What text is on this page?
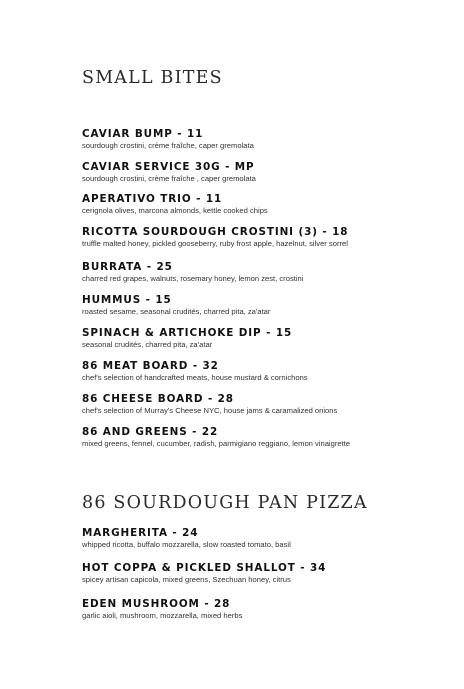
SMALL BITES
CAVIAR BUMP - 11
sourdough crostini, crème fraîche, caper gremolata
CAVIAR SERVICE 30G - MP
sourdough crostini, crème fraîche , caper gremolata
APERATIVO TRIO - 11
cerignola olives, marcona almonds, kettle cooked chips
RICOTTA SOURDOUGH CROSTINI (3) - 18
truffle malted honey, pickled gooseberry, ruby frost apple, hazelnut, silver sorrel
BURRATA - 25
charred red grapes, walnuts, rosemary honey, lemon zest, crostini
HUMMUS - 15
roasted sesame, seasonal crudités, charred pita, za'atar
SPINACH & ARTICHOKE DIP - 15
seasonal crudités, charred pita, za'atar
86 MEAT BOARD - 32
chef's selection of handcrafted meats, house mustard & cornichons
86 CHEESE BOARD - 28
chef's selection of Murray's Cheese NYC, house jams & caramalized onions
86 AND GREENS - 22
mixed greens, fennel, cucumber, radish, parmigiano reggiano, lemon vinaigrette
86 SOURDOUGH PAN PIZZA
MARGHERITA - 24
whipped ricotta, buffalo mozzarella, slow roasted tomato, basil
HOT COPPA & PICKLED SHALLOT - 34
spicey artisan capicola, mixed greens, Szechuan honey, citrus
EDEN MUSHROOM - 28
garlic aioli, mushroom, mozzarella, mixed herbs
